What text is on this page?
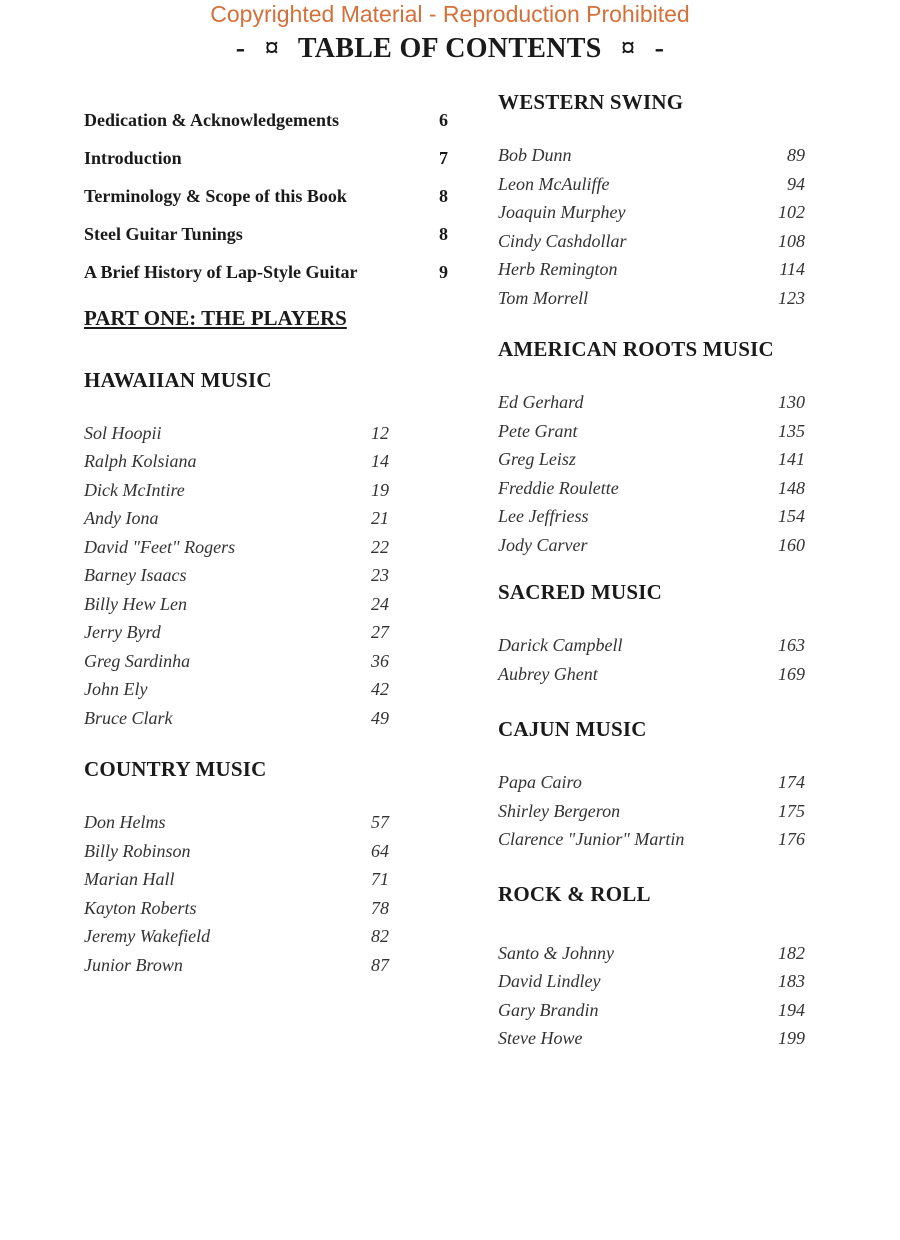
Copyrighted Material - Reproduction Prohibited
- ¤ TABLE OF CONTENTS ¤ -
Dedication & Acknowledgements	6
Introduction	7
Terminology & Scope of this Book	8
Steel Guitar Tunings	8
A Brief History of Lap-Style Guitar	9
PART ONE: THE PLAYERS
HAWAIIAN MUSIC
Sol Hoopii	12
Ralph Kolsiana	14
Dick McIntire	19
Andy Iona	21
David "Feet" Rogers	22
Barney Isaacs	23
Billy Hew Len	24
Jerry Byrd	27
Greg Sardinha	36
John Ely	42
Bruce Clark	49
COUNTRY MUSIC
Don Helms	57
Billy Robinson	64
Marian Hall	71
Kayton Roberts	78
Jeremy Wakefield	82
Junior Brown	87
WESTERN SWING
Bob Dunn	89
Leon McAuliffe	94
Joaquin Murphey	102
Cindy Cashdollar	108
Herb Remington	114
Tom Morrell	123
AMERICAN ROOTS MUSIC
Ed Gerhard	130
Pete Grant	135
Greg Leisz	141
Freddie Roulette	148
Lee Jeffriess	154
Jody Carver	160
SACRED MUSIC
Darick Campbell	163
Aubrey Ghent	169
CAJUN MUSIC
Papa Cairo	174
Shirley Bergeron	175
Clarence "Junior" Martin	176
ROCK & ROLL
Santo & Johnny	182
David Lindley	183
Gary Brandin	194
Steve Howe	199
